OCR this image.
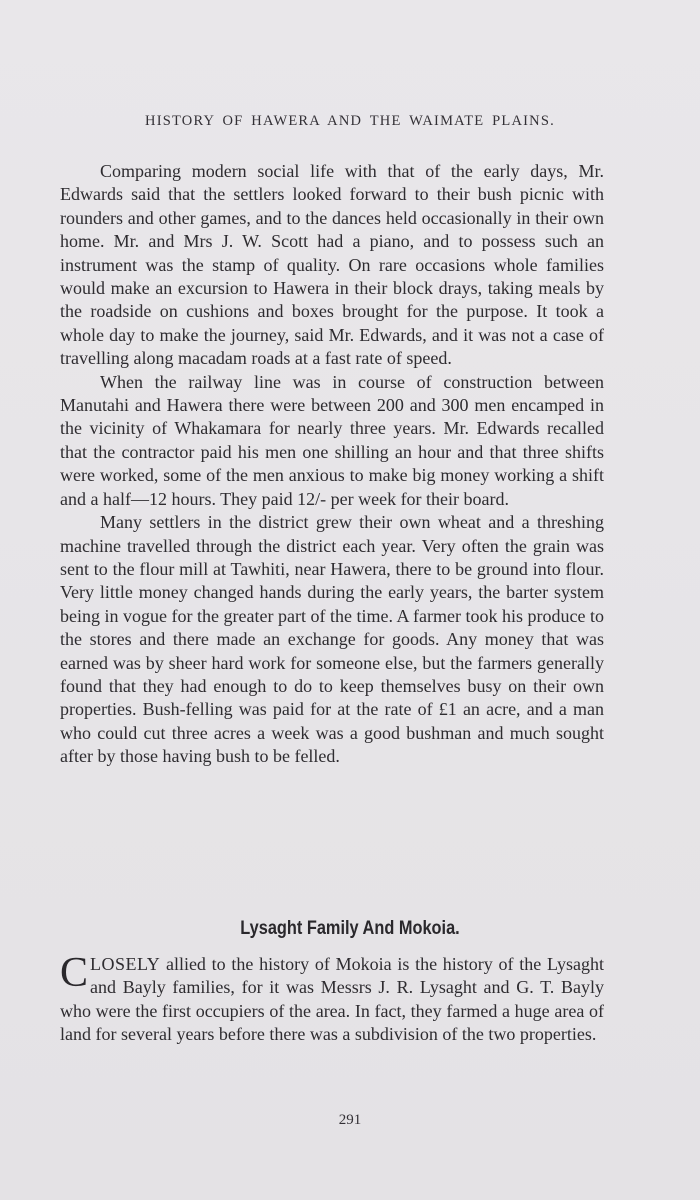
HISTORY OF HAWERA AND THE WAIMATE PLAINS.

Comparing modern social life with that of the early days, Mr. Edwards said that the settlers looked forward to their bush picnic with rounders and other games, and to the dances held occasionally in their own home. Mr. and Mrs J. W. Scott had a piano, and to possess such an instrument was the stamp of quality. On rare occasions whole families would make an excursion to Hawera in their block drays, taking meals by the roadside on cushions and boxes brought for the purpose. It took a whole day to make the journey, said Mr. Edwards, and it was not a case of travelling along macadam roads at a fast rate of speed.

When the railway line was in course of construction between Manutahi and Hawera there were between 200 and 300 men encamped in the vicinity of Whakamara for nearly three years. Mr. Edwards recalled that the contractor paid his men one shilling an hour and that three shifts were worked, some of the men anxious to make big money working a shift and a half—12 hours. They paid 12/- per week for their board.

Many settlers in the district grew their own wheat and a threshing machine travelled through the district each year. Very often the grain was sent to the flour mill at Tawhiti, near Hawera, there to be ground into flour. Very little money changed hands during the early years, the barter system being in vogue for the greater part of the time. A farmer took his produce to the stores and there made an exchange for goods. Any money that was earned was by sheer hard work for someone else, but the farmers generally found that they had enough to do to keep themselves busy on their own properties. Bush-felling was paid for at the rate of £1 an acre, and a man who could cut three acres a week was a good bushman and much sought after by those having bush to be felled.

Lysaght Family And Mokoia.

CLOSELY allied to the history of Mokoia is the history of the Lysaght and Bayly families, for it was Messrs J. R. Lysaght and G. T. Bayly who were the first occupiers of the area. In fact, they farmed a huge area of land for several years before there was a subdivision of the two properties.

291
